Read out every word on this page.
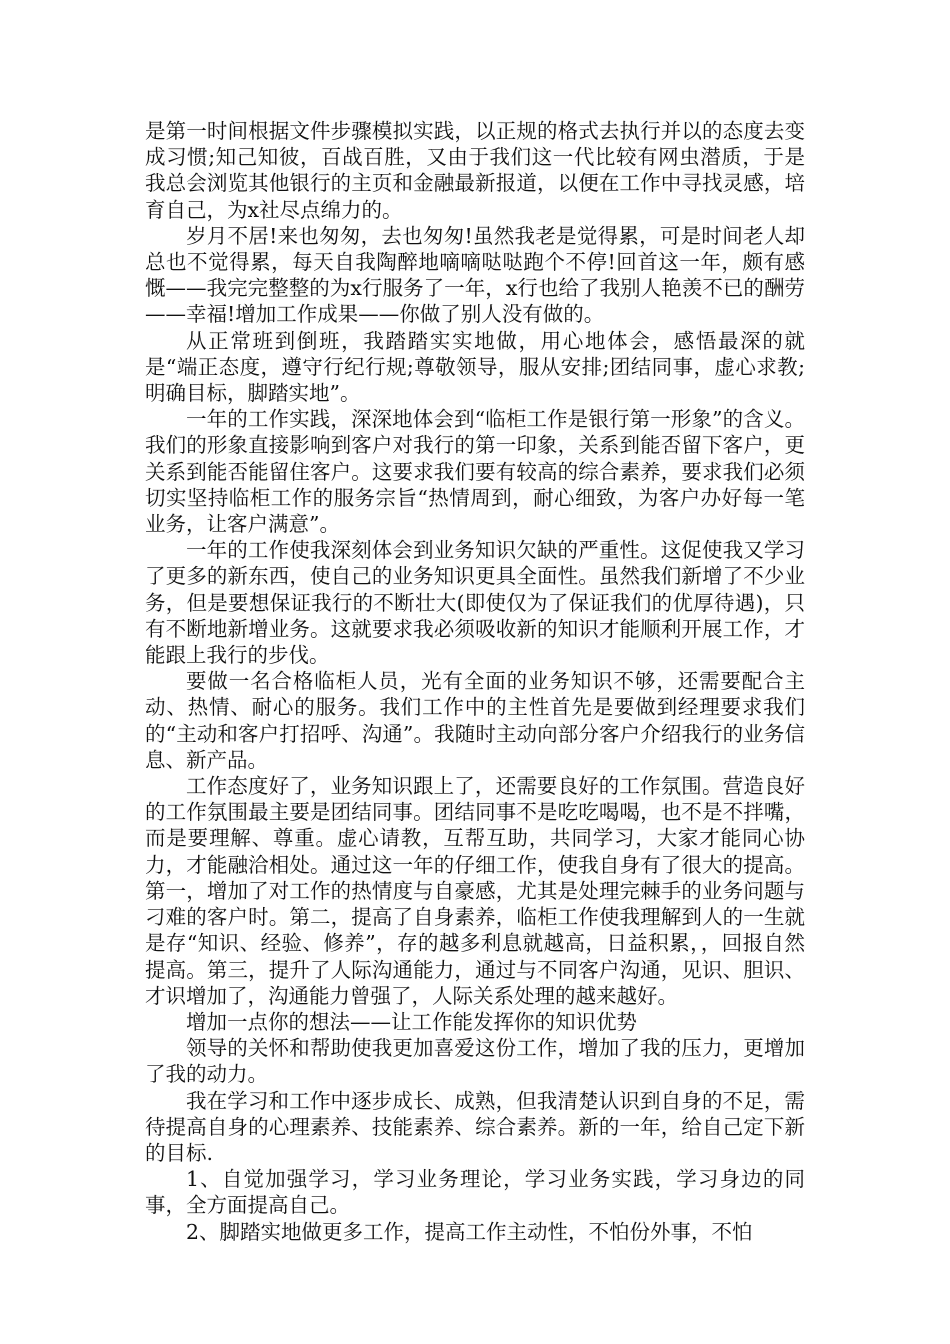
是第一时间根据文件步骤模拟实践，以正规的格式去执行并以的态度去变成习惯;知己知彼，百战百胜，又由于我们这一代比较有网虫潜质，于是我总会浏览其他银行的主页和金融最新报道，以便在工作中寻找灵感，培育自己，为x社尽点绵力的。

岁月不居!来也匆匆，去也匆匆!虽然我老是觉得累，可是时间老人却总也不觉得累，每天自我陶醉地嘀嘀哒哒跑个不停!回首这一年，颇有感慨——我完完整整的为x行服务了一年，x行也给了我别人艳羡不已的酬劳——幸福!增加工作成果——你做了别人没有做的。

从正常班到倒班，我踏踏实实地做，用心地体会，感悟最深的就是“端正态度，遵守行纪行规;尊敬领导，服从安排;团结同事，虚心求教;明确目标，脚踏实地”。

一年的工作实践，深深地体会到“临柜工作是银行第一形象”的含义。我们的形象直接影响到客户对我行的第一印象，关系到能否留下客户，更关系到能否能留住客户。这要求我们要有较高的综合素养，要求我们必须切实坚持临柜工作的服务宗旨“热情周到，耐心细致，为客户办好每一笔业务，让客户满意”。

一年的工作使我深刻体会到业务知识欠缺的严重性。这促使我又学习了更多的新东西，使自己的业务知识更具全面性。虽然我们新增了不少业务，但是要想保证我行的不断壮大(即使仅为了保证我们的优厚待遇)，只有不断地新增业务。这就要求我必须吸收新的知识才能顺利开展工作，才能跟上我行的步伐。

要做一名合格临柜人员，光有全面的业务知识不够，还需要配合主动、热情、耐心的服务。我们工作中的主性首先是要做到经理要求我们的“主动和客户打招呼、沟通”。我随时主动向部分客户介绍我行的业务信息、新产品。

工作态度好了，业务知识跟上了，还需要良好的工作氛围。营造良好的工作氛围最主要是团结同事。团结同事不是吃吃喝喝，也不是不拌嘴，而是要理解、尊重。虚心请教，互帮互助，共同学习，大家才能同心协力，才能融洽相处。通过这一年的仔细工作，使我自身有了很大的提高。第一，增加了对工作的热情度与自豪感，尤其是处理完棘手的业务问题与刁难的客户时。第二，提高了自身素养，临柜工作使我理解到人的一生就是存“知识、经验、修养”，存的越多利息就越高，日益积累，，回报自然提高。第三，提升了人际沟通能力，通过与不同客户沟通，见识、胆识、才识增加了，沟通能力曾强了，人际关系处理的越来越好。

增加一点你的想法——让工作能发挥你的知识优势

领导的关怀和帮助使我更加喜爱这份工作，增加了我的压力，更增加了我的动力。

我在学习和工作中逐步成长、成熟，但我清楚认识到自身的不足，需待提高自身的心理素养、技能素养、综合素养。新的一年，给自己定下新的目标.

1、自觉加强学习，学习业务理论，学习业务实践，学习身边的同事，全方面提高自己。

2、脚踏实地做更多工作，提高工作主动性，不怕份外事，不怕
